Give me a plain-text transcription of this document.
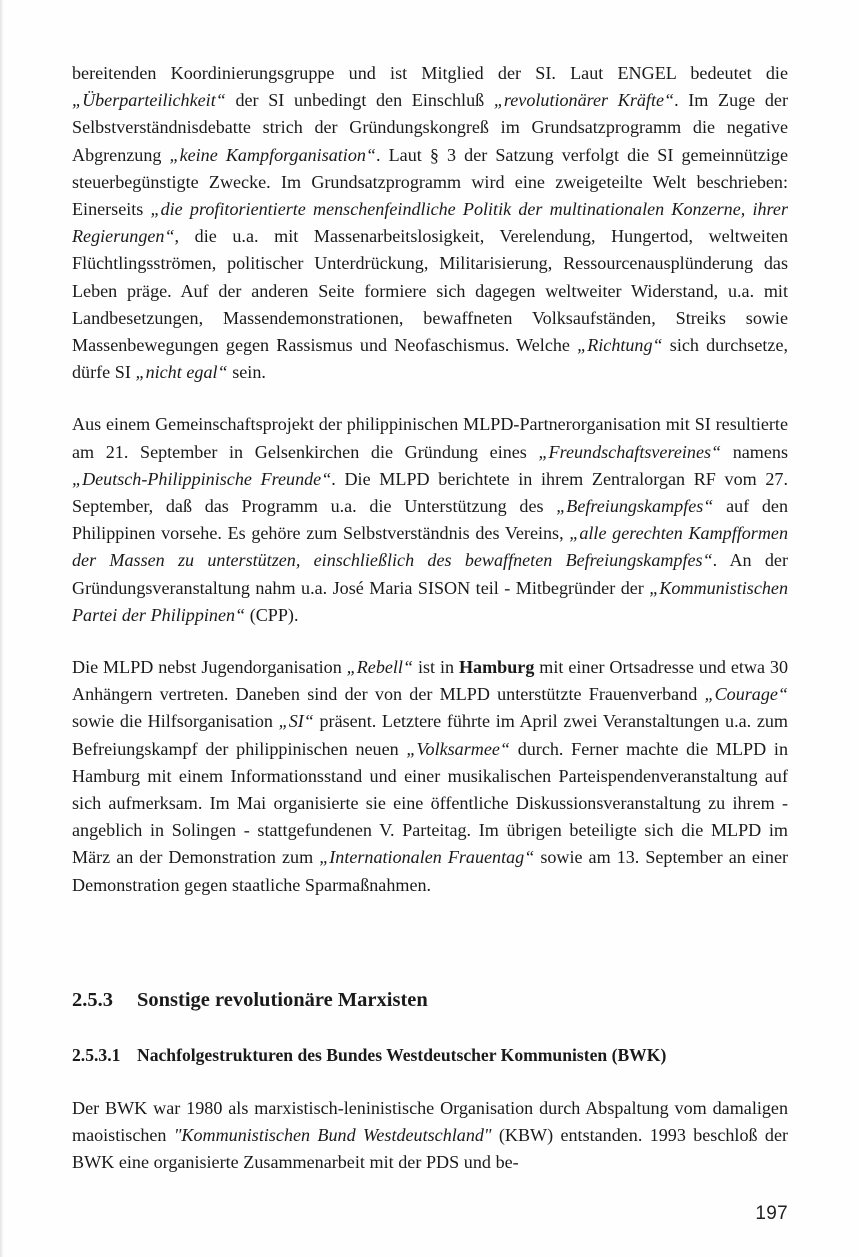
bereitenden Koordinierungsgruppe und ist Mitglied der SI. Laut ENGEL bedeutet die „Überparteilichkeit“ der SI unbedingt den Einschluß „revolutionärer Kräfte“. Im Zuge der Selbstverständnisdebatte strich der Gründungskongreß im Grundsatzprogramm die negative Abgrenzung „keine Kampforganisation“. Laut § 3 der Satzung verfolgt die SI gemeinnützige steuerbegünstigte Zwecke. Im Grundsatzprogramm wird eine zweigeteilte Welt beschrieben: Einerseits „die profitorientierte menschenfeindliche Politik der multinationalen Konzerne, ihrer Regierungen“, die u.a. mit Massenarbeitslosigkeit, Verelendung, Hungertod, weltweiten Flüchtlingsströmen, politischer Unterdrückung, Militarisierung, Ressourcenausplünderung das Leben präge. Auf der anderen Seite formiere sich dagegen weltweiter Widerstand, u.a. mit Landbesetzungen, Massendemonstrationen, bewaffneten Volksaufständen, Streiks sowie Massenbewegungen gegen Rassismus und Neofaschismus. Welche „Richtung“ sich durchsetze, dürfe SI „nicht egal“ sein.

Aus einem Gemeinschaftsprojekt der philippinischen MLPD-Partnerorganisation mit SI resultierte am 21. September in Gelsenkirchen die Gründung eines „Freundschaftsvereines“ namens „Deutsch-Philippinische Freunde“. Die MLPD berichtete in ihrem Zentralorgan RF vom 27. September, daß das Programm u.a. die Unterstützung des „Befreiungskampfes“ auf den Philippinen vorsehe. Es gehöre zum Selbstverständnis des Vereins, „alle gerechten Kampfformen der Massen zu unterstützen, einschließlich des bewaffneten Befreiungskampfes“. An der Gründungsveranstaltung nahm u.a. José Maria SISON teil - Mitbegründer der „Kommunistischen Partei der Philippinen“ (CPP).

Die MLPD nebst Jugendorganisation „Rebell“ ist in Hamburg mit einer Ortsadresse und etwa 30 Anhängern vertreten. Daneben sind der von der MLPD unterstützte Frauenverband „Courage“ sowie die Hilfsorganisation „SI“ präsent. Letztere führte im April zwei Veranstaltungen u.a. zum Befreiungskampf der philippinischen neuen „Volksarmee“ durch. Ferner machte die MLPD in Hamburg mit einem Informationsstand und einer musikalischen Parteispendenveranstaltung auf sich aufmerksam. Im Mai organisierte sie eine öffentliche Diskussionsveranstaltung zu ihrem - angeblich in Solingen - stattgefundenen V. Parteitag. Im übrigen beteiligte sich die MLPD im März an der Demonstration zum „Internationalen Frauentag“ sowie am 13. September an einer Demonstration gegen staatliche Sparmaßnahmen.

2.5.3	Sonstige revolutionäre Marxisten
2.5.3.1 Nachfolgestrukturen des Bundes Westdeutscher Kommunisten (BWK)

Der BWK war 1980 als marxistisch-leninistische Organisation durch Abspaltung vom damaligen maoistischen "Kommunistischen Bund Westdeutschland" (KBW) entstanden. 1993 beschloß der BWK eine organisierte Zusammenarbeit mit der PDS und be-

197
